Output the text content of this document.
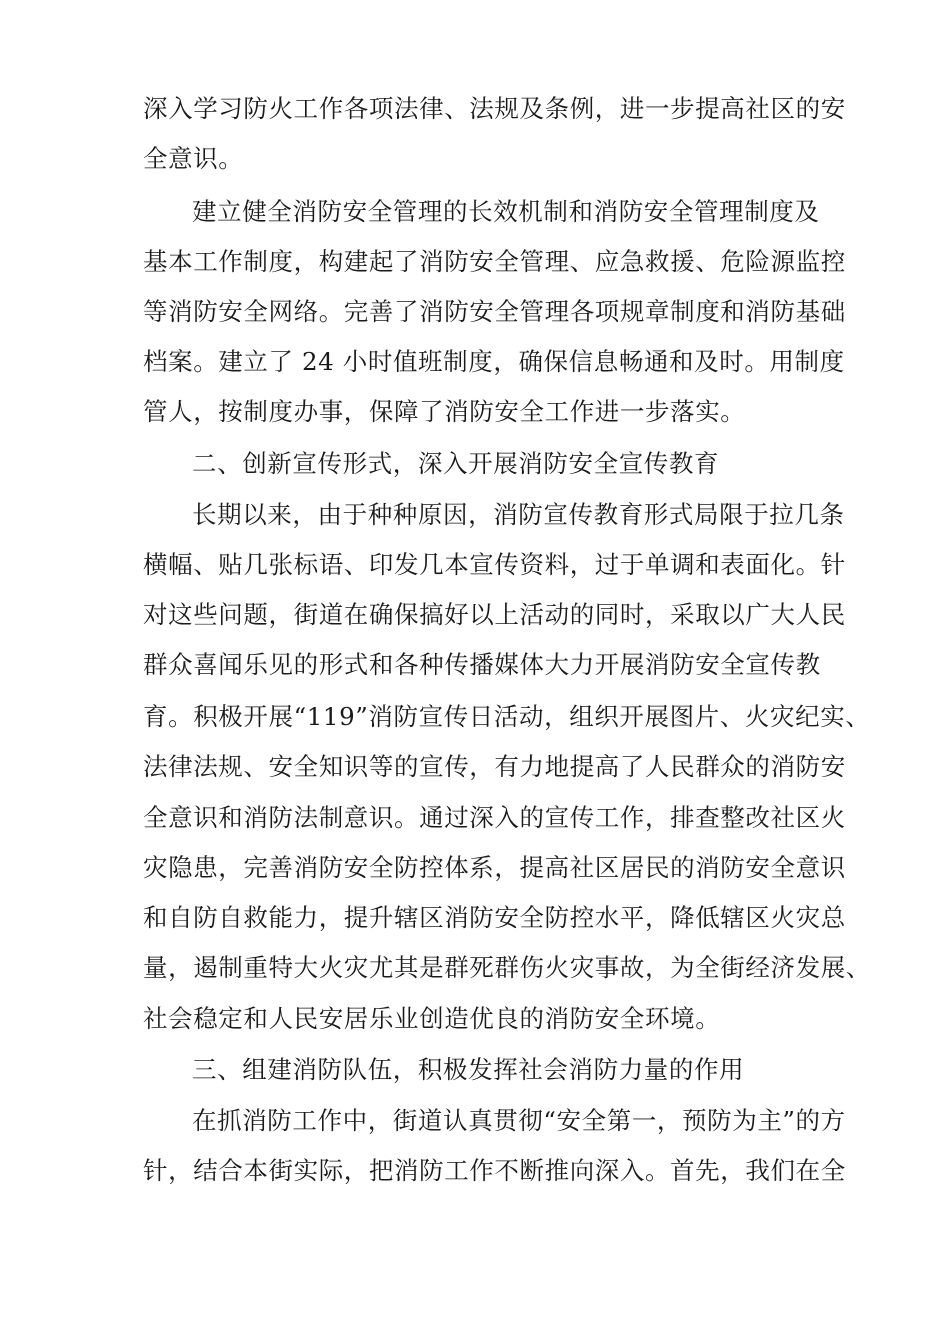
深入学习防火工作各项法律、法规及条例，进一步提高社区的安
全意识。
建立健全消防安全管理的长效机制和消防安全管理制度及
基本工作制度，构建起了消防安全管理、应急救援、危险源监控
等消防安全网络。完善了消防安全管理各项规章制度和消防基础
档案。建立了 24 小时值班制度，确保信息畅通和及时。用制度
管人，按制度办事，保障了消防安全工作进一步落实。
二、创新宣传形式，深入开展消防安全宣传教育
长期以来，由于种种原因，消防宣传教育形式局限于拉几条
横幅、贴几张标语、印发几本宣传资料，过于单调和表面化。针
对这些问题，街道在确保搞好以上活动的同时，采取以广大人民
群众喜闻乐见的形式和各种传播媒体大力开展消防安全宣传教
育。积极开展“119”消防宣传日活动，组织开展图片、火灾纪实、
法律法规、安全知识等的宣传，有力地提高了人民群众的消防安
全意识和消防法制意识。通过深入的宣传工作，排查整改社区火
灾隐患，完善消防安全防控体系，提高社区居民的消防安全意识
和自防自救能力，提升辖区消防安全防控水平，降低辖区火灾总
量，遏制重特大火灾尤其是群死群伤火灾事故，为全街经济发展、
社会稳定和人民安居乐业创造优良的消防安全环境。
三、组建消防队伍，积极发挥社会消防力量的作用
在抓消防工作中，街道认真贯彻“安全第一，预防为主”的方
针，结合本街实际，把消防工作不断推向深入。首先，我们在全
